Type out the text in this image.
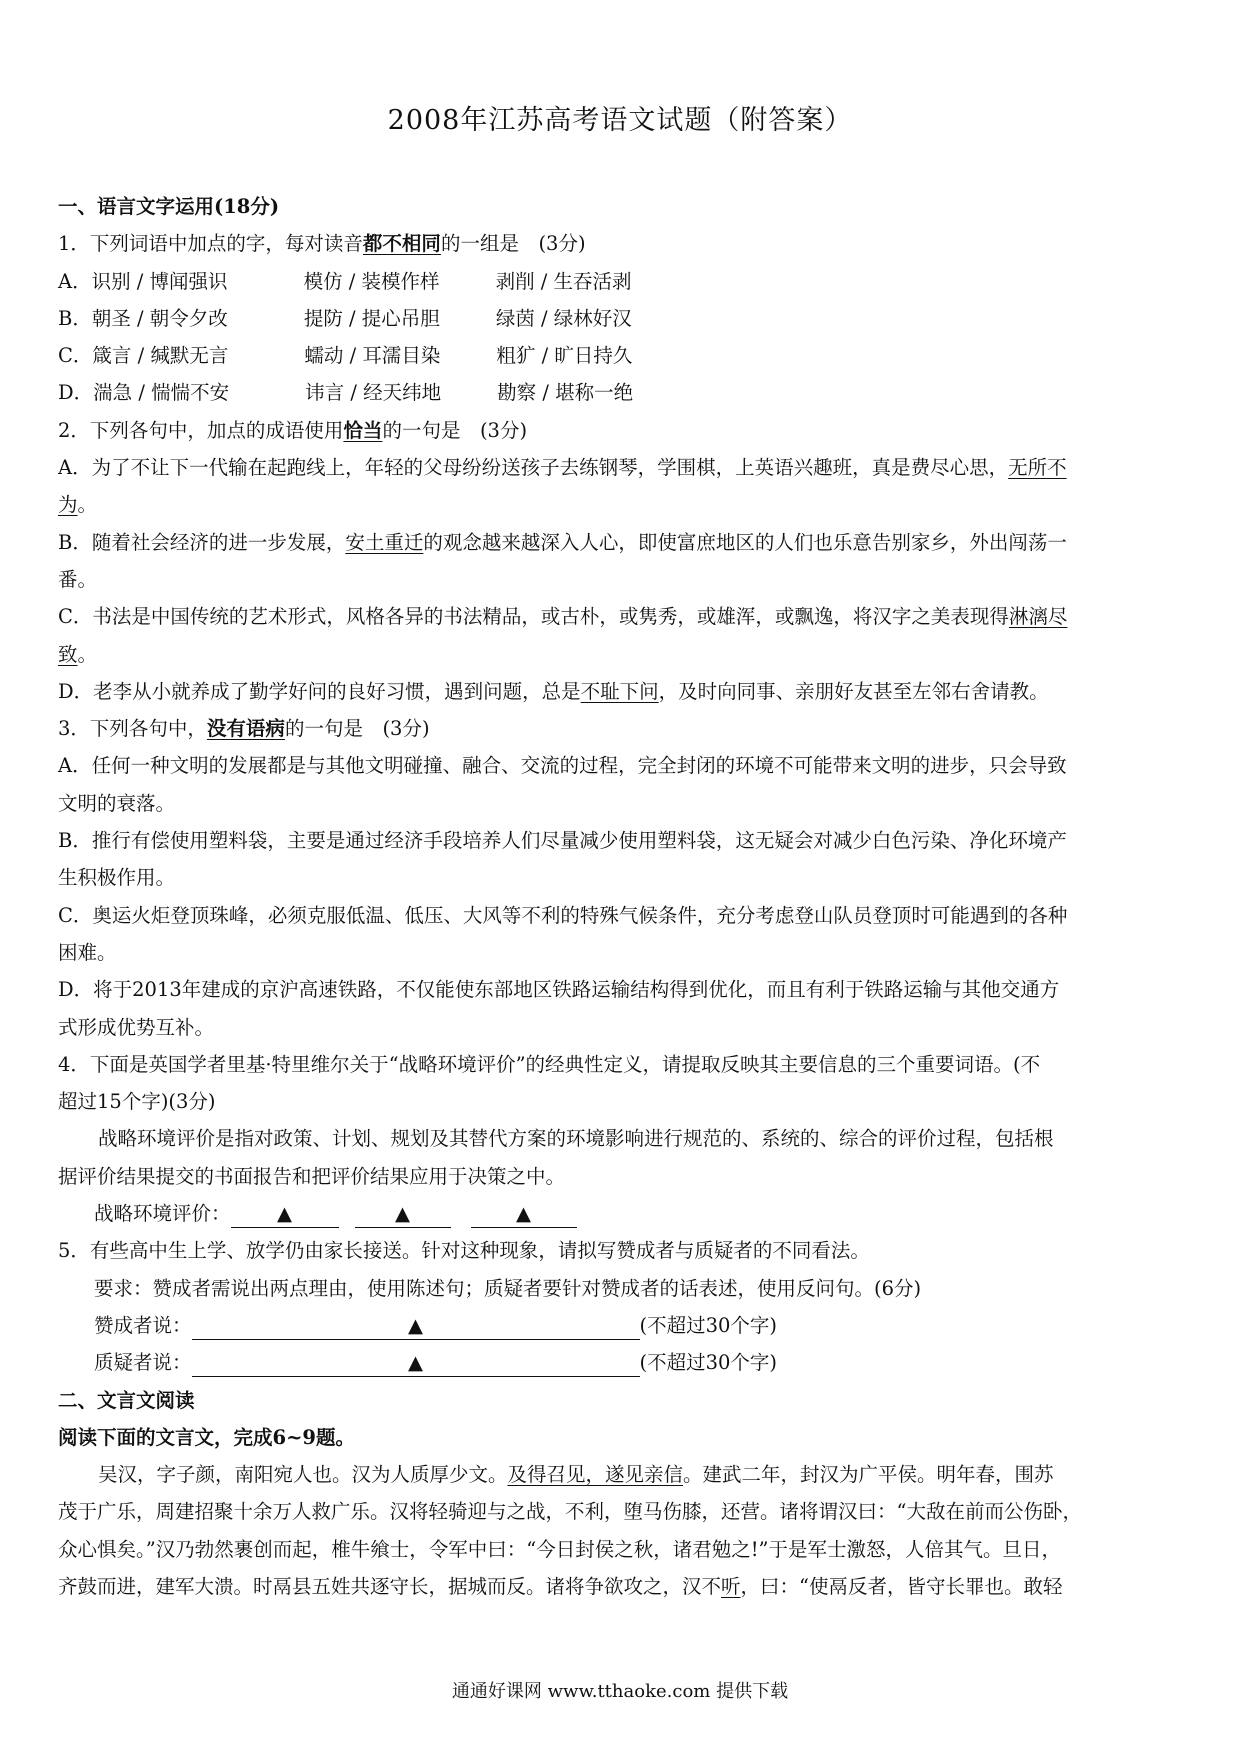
2008年江苏高考语文试题（附答案）

一、语言文字运用(18分)

1．下列词语中加点的字，每对读音都不相同的一组是　(3分)

A．识别 / 博闻强识	模仿 / 装模作样	剥削 / 生吞活剥

B．朝圣 / 朝令夕改	提防 / 提心吊胆	绿茵 / 绿林好汉

C．箴言 / 缄默无言	蠕动 / 耳濡目染	粗犷 / 旷日持久

D．湍急 / 惴惴不安	讳言 / 经天纬地	勘察 / 堪称一绝

2．下列各句中，加点的成语使用恰当的一句是　(3分)

A．为了不让下一代输在起跑线上，年轻的父母纷纷送孩子去练钢琴，学围棋，上英语兴趣班，真是费尽心思，无所不

为。

B．随着社会经济的进一步发展，安土重迁的观念越来越深入人心，即使富庶地区的人们也乐意告别家乡，外出闯荡一

番。

C．书法是中国传统的艺术形式，风格各异的书法精品，或古朴，或隽秀，或雄浑，或飘逸，将汉字之美表现得淋漓尽

致。

D．老李从小就养成了勤学好问的良好习惯，遇到问题，总是不耻下问，及时向同事、亲朋好友甚至左邻右舍请教。

3．下列各句中，没有语病的一句是　(3分)

A．任何一种文明的发展都是与其他文明碰撞、融合、交流的过程，完全封闭的环境不可能带来文明的进步，只会导致

文明的衰落。

B．推行有偿使用塑料袋，主要是通过经济手段培养人们尽量减少使用塑料袋，这无疑会对减少白色污染、净化环境产

生积极作用。

C．奥运火炬登顶珠峰，必须克服低温、低压、大风等不利的特殊气候条件，充分考虑登山队员登顶时可能遇到的各种

困难。

D．将于2013年建成的京沪高速铁路，不仅能使东部地区铁路运输结构得到优化，而且有利于铁路运输与其他交通方

式形成优势互补。

4．下面是英国学者里基·特里维尔关于“战略环境评价”的经典性定义，请提取反映其主要信息的三个重要词语。(不

超过15个字)(3分)

战略环境评价是指对政策、计划、规划及其替代方案的环境影响进行规范的、系统的、综合的评价过程，包括根

据评价结果提交的书面报告和把评价结果应用于决策之中。

战略环境评价： ▲	▲	▲

5．有些高中生上学、放学仍由家长接送。针对这种现象，请拟写赞成者与质疑者的不同看法。

要求：赞成者需说出两点理由，使用陈述句；质疑者要针对赞成者的话表述，使用反问句。(6分)

赞成者说：	▲	(不超过30个字)

质疑者说：	▲	(不超过30个字)

二、文言文阅读

阅读下面的文言文，完成6~9题。

吴汉，字子颜，南阳宛人也。汉为人质厚少文。及得召见，遂见亲信。建武二年，封汉为广平侯。明年春，围苏

茂于广乐，周建招聚十余万人救广乐。汉将轻骑迎与之战，不利，堕马伤膝，还营。诸将谓汉曰：“大敌在前而公伤卧，

众心惧矣。”汉乃勃然裹创而起，椎牛飨士，令军中曰：“今日封侯之秋，诸君勉之!”于是军士激怒，人倍其气。旦日，

齐鼓而进，建军大溃。时鬲县五姓共逐守长，据城而反。诸将争欲攻之，汉不听，曰：“使鬲反者，皆守长罪也。敢轻

通通好课网 www.tthaoke.com 提供下载
